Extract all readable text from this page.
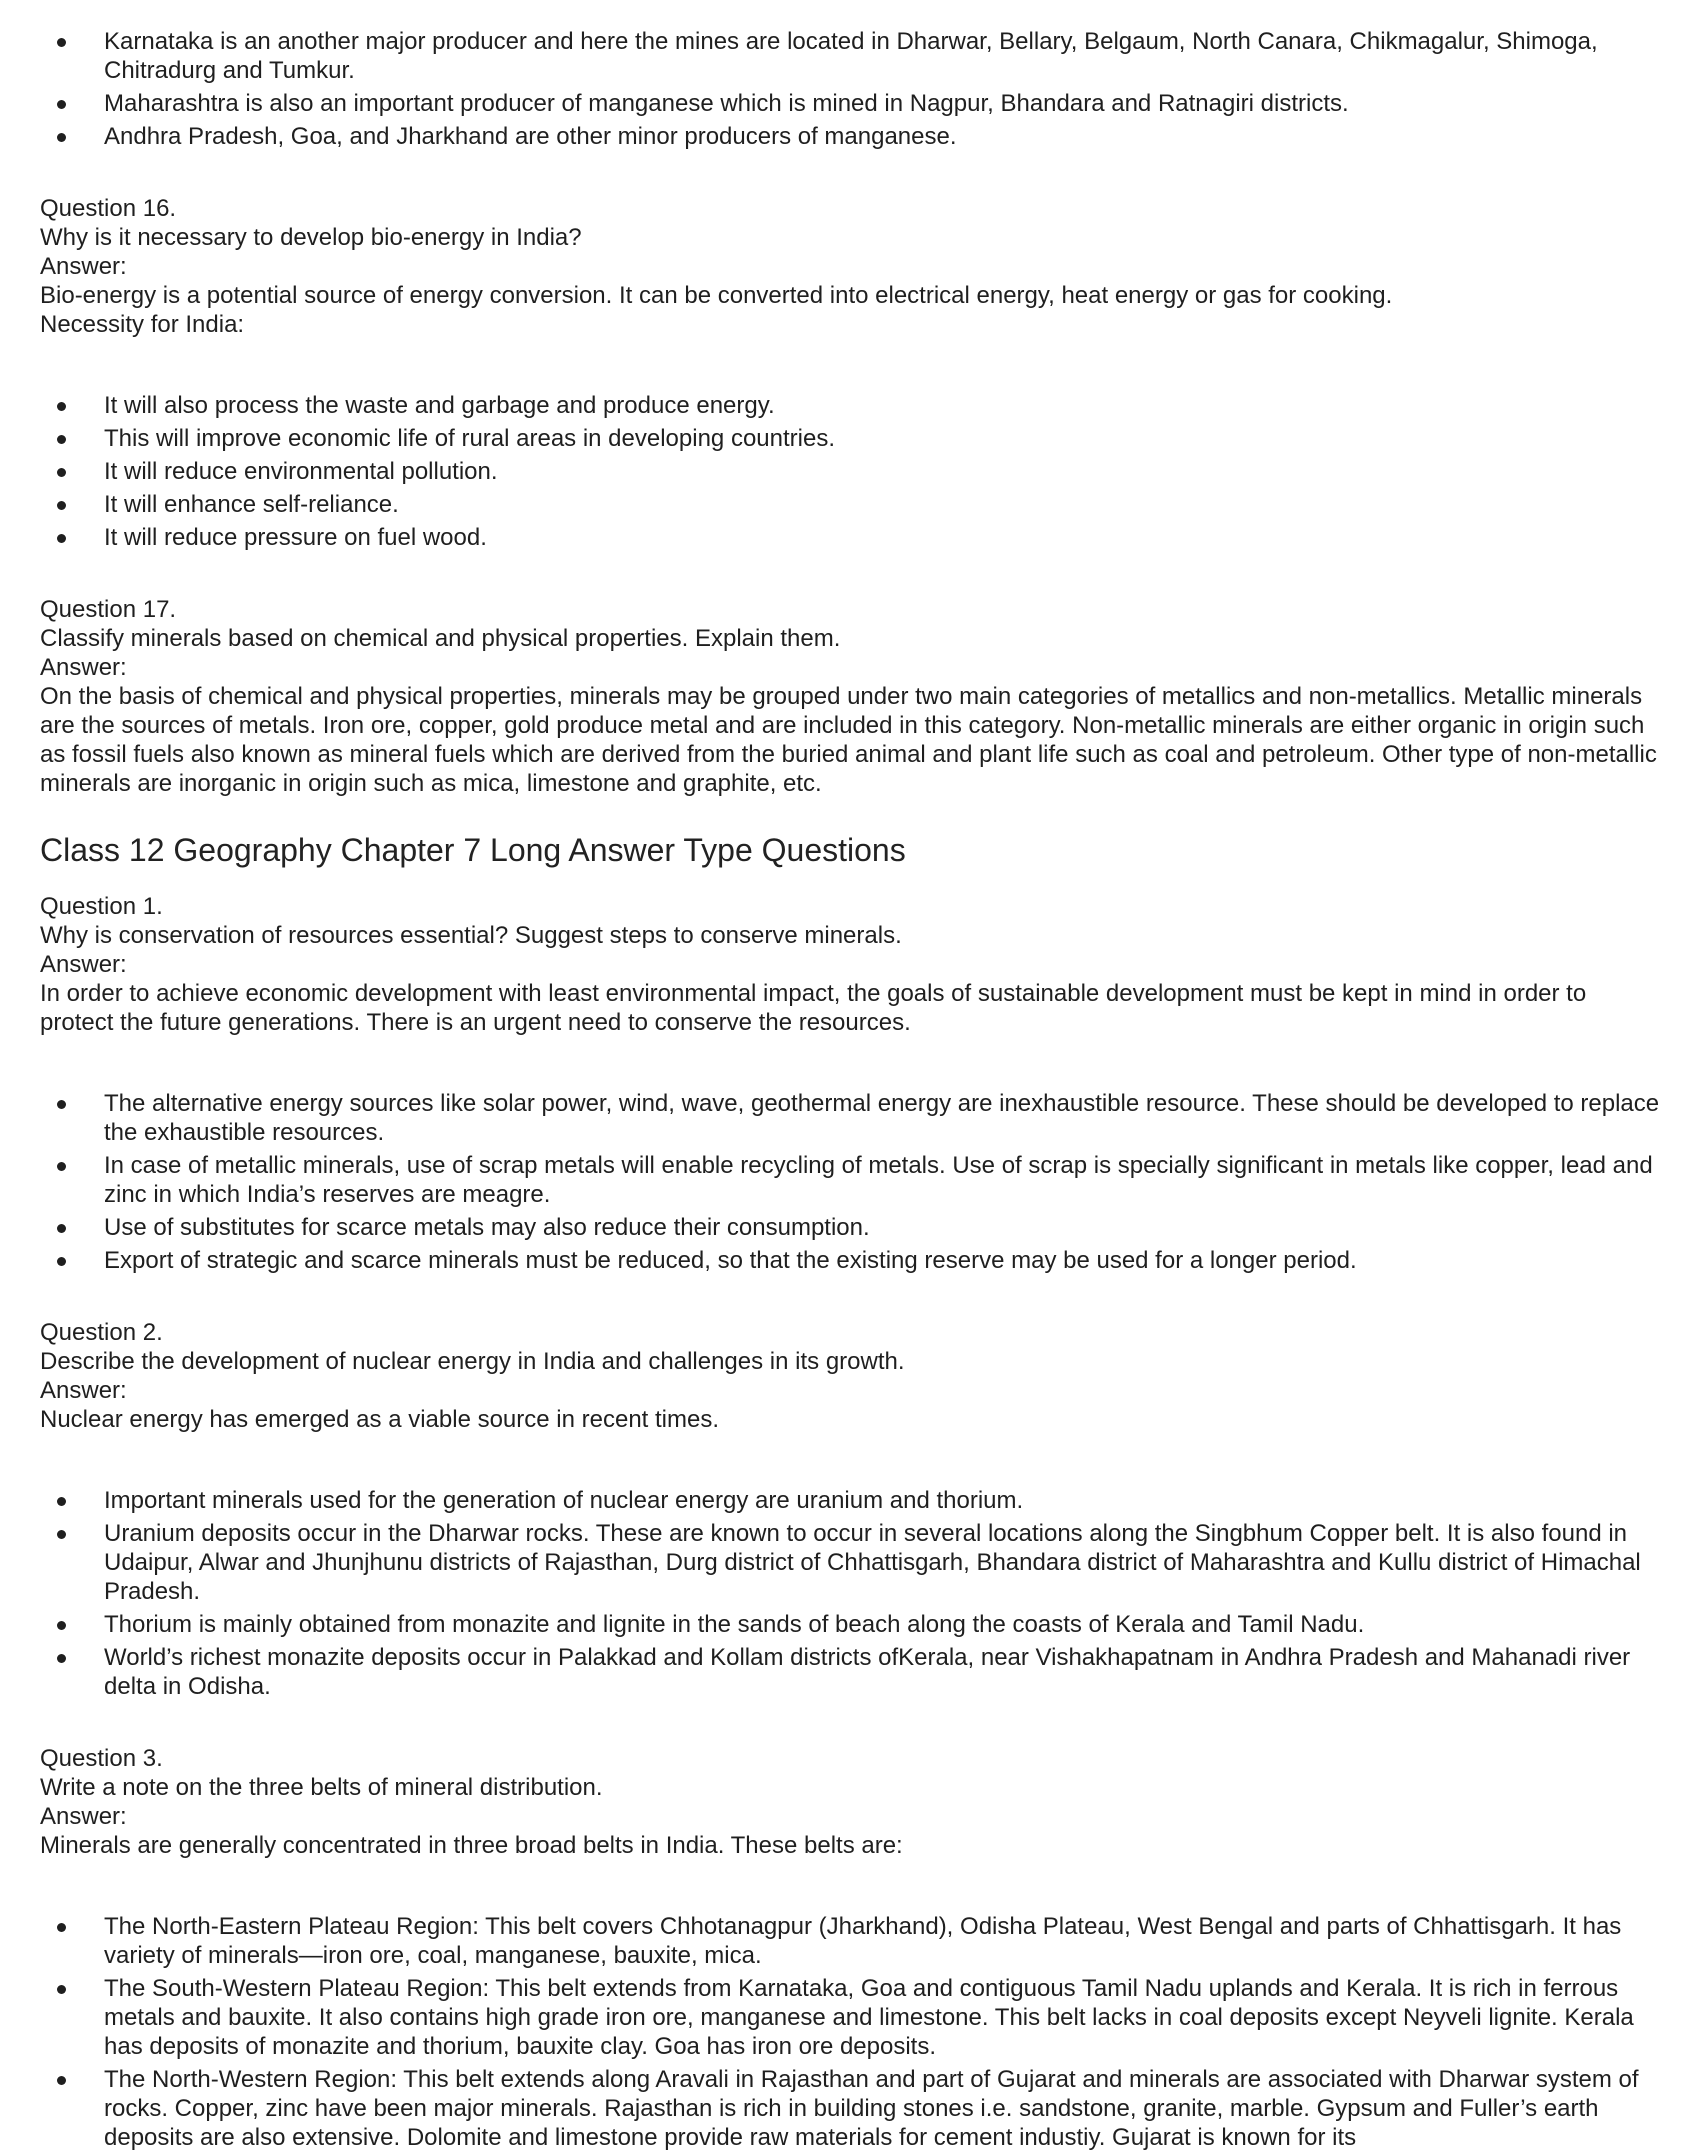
Karnataka is an another major producer and here the mines are located in Dharwar, Bellary, Belgaum, North Canara, Chikmagalur, Shimoga, Chitradurg and Tumkur.
Maharashtra is also an important producer of manganese which is mined in Nagpur, Bhandara and Ratnagiri districts.
Andhra Pradesh, Goa, and Jharkhand are other minor producers of manganese.

Question 16.

Why is it necessary to develop bio-energy in India?

Answer:

Bio-energy is a potential source of energy conversion. It can be converted into electrical energy, heat energy or gas for cooking.

Necessity for India:

It will also process the waste and garbage and produce energy.
This will improve economic life of rural areas in developing countries.
It will reduce environmental pollution.
It will enhance self-reliance.
It will reduce pressure on fuel wood.

Question 17.

Classify minerals based on chemical and physical properties. Explain them.

Answer:

On the basis of chemical and physical properties, minerals may be grouped under two main categories of metallics and non-metallics. Metallic minerals are the sources of metals. Iron ore, copper, gold produce metal and are included in this category. Non-metallic minerals are either organic in origin such as fossil fuels also known as mineral fuels which are derived from the buried animal and plant life such as coal and petroleum. Other type of non-metallic minerals are inorganic in origin such as mica, limestone and graphite, etc.

Class 12 Geography Chapter 7 Long Answer Type Questions

Question 1.

Why is conservation of resources essential? Suggest steps to conserve minerals.

Answer:

In order to achieve economic development with least environmental impact, the goals of sustainable development must be kept in mind in order to protect the future generations. There is an urgent need to conserve the resources.

The alternative energy sources like solar power, wind, wave, geothermal energy are inexhaustible resource. These should be developed to replace the exhaustible resources.
In case of metallic minerals, use of scrap metals will enable recycling of metals. Use of scrap is specially significant in metals like copper, lead and zinc in which India’s reserves are meagre.
Use of substitutes for scarce metals may also reduce their consumption.
Export of strategic and scarce minerals must be reduced, so that the existing reserve may be used for a longer period.

Question 2.

Describe the development of nuclear energy in India and challenges in its growth.

Answer:

Nuclear energy has emerged as a viable source in recent times.

Important minerals used for the generation of nuclear energy are uranium and thorium.
Uranium deposits occur in the Dharwar rocks. These are known to occur in several locations along the Singbhum Copper belt. It is also found in Udaipur, Alwar and Jhunjhunu districts of Rajasthan, Durg district of Chhattisgarh, Bhandara district of Maharashtra and Kullu district of Himachal Pradesh.
Thorium is mainly obtained from monazite and lignite in the sands of beach along the coasts of Kerala and Tamil Nadu.
World’s richest monazite deposits occur in Palakkad and Kollam districts ofKerala, near Vishakhapatnam in Andhra Pradesh and Mahanadi river delta in Odisha.

Question 3.

Write a note on the three belts of mineral distribution.

Answer:

Minerals are generally concentrated in three broad belts in India. These belts are:

The North-Eastern Plateau Region: This belt covers Chhotanagpur (Jharkhand), Odisha Plateau, West Bengal and parts of Chhattisgarh. It has variety of minerals—iron ore, coal, manganese, bauxite, mica.
The South-Western Plateau Region: This belt extends from Karnataka, Goa and contiguous Tamil Nadu uplands and Kerala. It is rich in ferrous metals and bauxite. It also contains high grade iron ore, manganese and limestone. This belt lacks in coal deposits except Neyveli lignite. Kerala has deposits of monazite and thorium, bauxite clay. Goa has iron ore deposits.
The North-Western Region: This belt extends along Aravali in Rajasthan and part of Gujarat and minerals are associated with Dharwar system of rocks. Copper, zinc have been major minerals. Rajasthan is rich in building stones i.e. sandstone, granite, marble. Gypsum and Fuller’s earth deposits are also extensive. Dolomite and limestone provide raw materials for cement industiy. Gujarat is known for its
